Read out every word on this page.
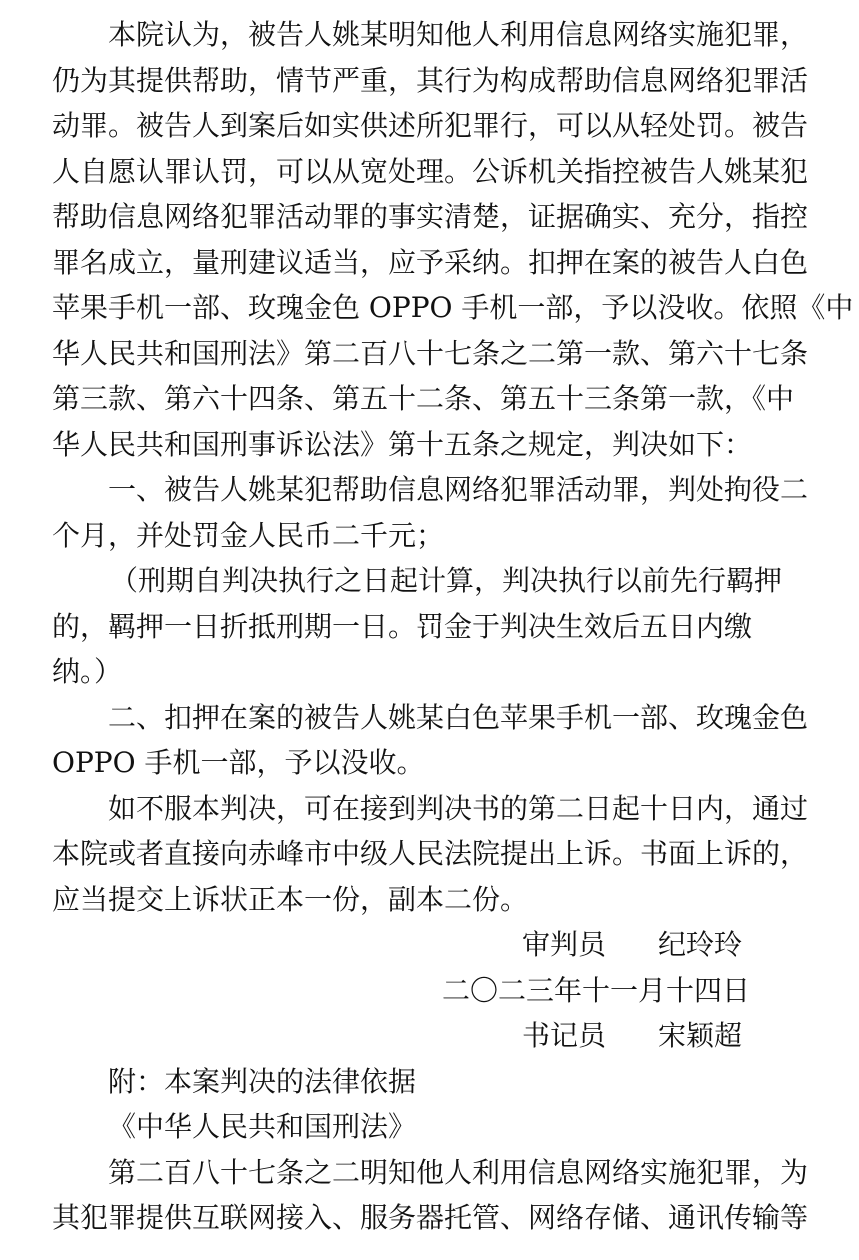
本院认为，被告人姚某明知他人利用信息网络实施犯罪，
仍为其提供帮助，情节严重，其行为构成帮助信息网络犯罪活
动罪。被告人到案后如实供述所犯罪行，可以从轻处罚。被告
人自愿认罪认罚，可以从宽处理。公诉机关指控被告人姚某犯
帮助信息网络犯罪活动罪的事实清楚，证据确实、充分，指控
罪名成立，量刑建议适当，应予采纳。扣押在案的被告人白色
苹果手机一部、玫瑰金色 OPPO 手机一部，予以没收。依照《中
华人民共和国刑法》第二百八十七条之二第一款、第六十七条
第三款、第六十四条、第五十二条、第五十三条第一款，《中
华人民共和国刑事诉讼法》第十五条之规定，判决如下：
一、被告人姚某犯帮助信息网络犯罪活动罪，判处拘役二
个月，并处罚金人民币二千元；
（刑期自判决执行之日起计算，判决执行以前先行羁押
的，羁押一日折抵刑期一日。罚金于判决生效后五日内缴
纳。）
二、扣押在案的被告人姚某白色苹果手机一部、玫瑰金色
OPPO 手机一部，予以没收。
如不服本判决，可在接到判决书的第二日起十日内，通过
本院或者直接向赤峰市中级人民法院提出上诉。书面上诉的，
应当提交上诉状正本一份，副本二份。
审判员 纪玲玲
二〇二三年十一月十四日
书记员 宋颖超
附：本案判决的法律依据
《中华人民共和国刑法》
第二百八十七条之二明知他人利用信息网络实施犯罪，为
其犯罪提供互联网接入、服务器托管、网络存储、通讯传输等
